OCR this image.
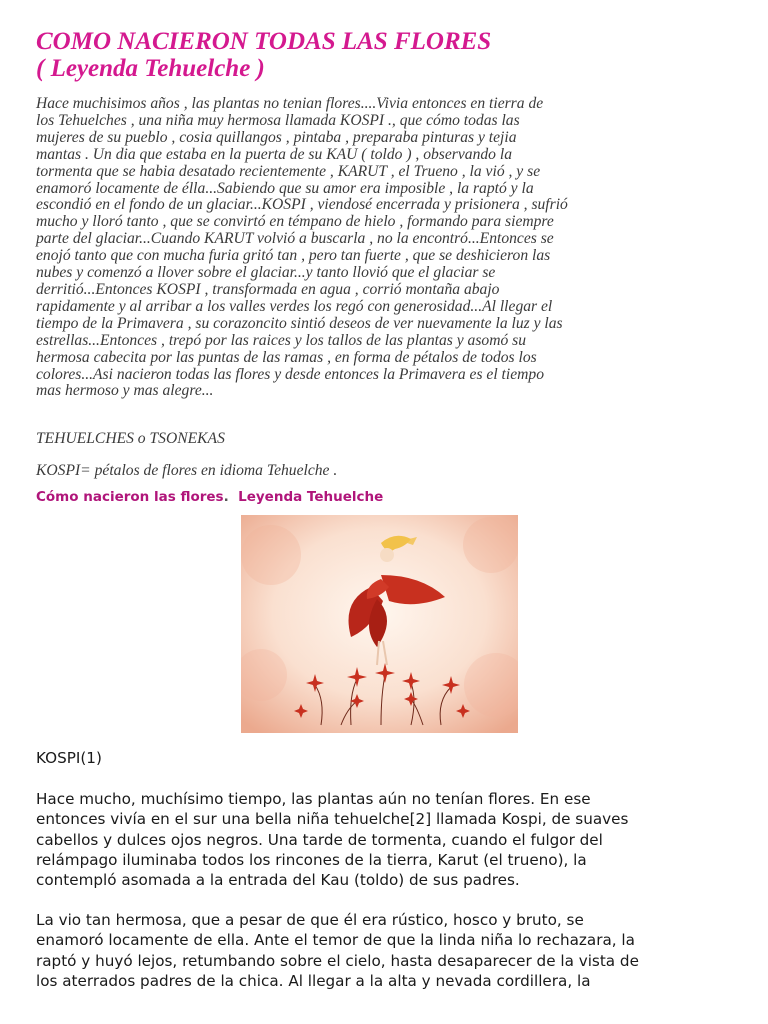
COMO NACIERON TODAS LAS FLORES
( Leyenda Tehuelche )
Hace muchisimos años , las plantas no tenian flores....Vivia entonces en tierra de
los Tehuelches , una niña muy hermosa llamada KOSPI ., que cómo todas las
mujeres de su pueblo , cosia quillangos , pintaba , preparaba pinturas y tejia
mantas . Un dia que estaba en la puerta de su KAU ( toldo ) , observando la
tormenta que se habia desatado recientemente , KARUT , el Trueno , la vió , y se
enamoró locamente de élla...Sabiendo que su amor era imposible , la raptó y la
escondió en el fondo de un glaciar...KOSPI , viendosé encerrada y prisionera , sufrió
mucho y lloró tanto , que se convirtó en témpano de hielo , formando para siempre
parte del glaciar...Cuando KARUT volvió a buscarla , no la encontró...Entonces se
enojó tanto que con mucha furia gritó tan , pero tan fuerte , que se deshicieron las
nubes y comenzó a llover sobre el glaciar...y tanto llovió que el glaciar se
derritió...Entonces KOSPI , transformada en agua , corrió montaña abajo
rapidamente y al arribar a los valles verdes los regó con generosidad...Al llegar el
tiempo de la Primavera , su corazoncito sintió deseos de ver nuevamente la luz y las
estrellas...Entonces , trepó por las raices y los tallos de las plantas y asomó su
hermosa cabecita por las puntas de las ramas , en forma de pétalos de todos los
colores...Asi nacieron todas las flores y desde entonces la Primavera es el tiempo
mas hermoso y mas alegre...

TEHUELCHES o TSONEKAS

KOSPI= pétalos de flores en idioma Tehuelche .

Cómo nacieron las flores. Leyenda Tehuelche

KOSPI(1)

Hace mucho, muchísimo tiempo, las plantas aún no tenían flores. En ese
entonces vivía en el sur una bella niña tehuelche[2] llamada Kospi, de suaves
cabellos y dulces ojos negros. Una tarde de tormenta, cuando el fulgor del
relámpago iluminaba todos los rincones de la tierra, Karut (el trueno), la
contempló asomada a la entrada del Kau (toldo) de sus padres.
La vio tan hermosa, que a pesar de que él era rústico, hosco y bruto, se
enamoró locamente de ella. Ante el temor de que la linda niña lo rechazara, la
raptó y huyó lejos, retumbando sobre el cielo, hasta desaparecer de la vista de
los aterrados padres de la chica. Al llegar a la alta y nevada cordillera, la
